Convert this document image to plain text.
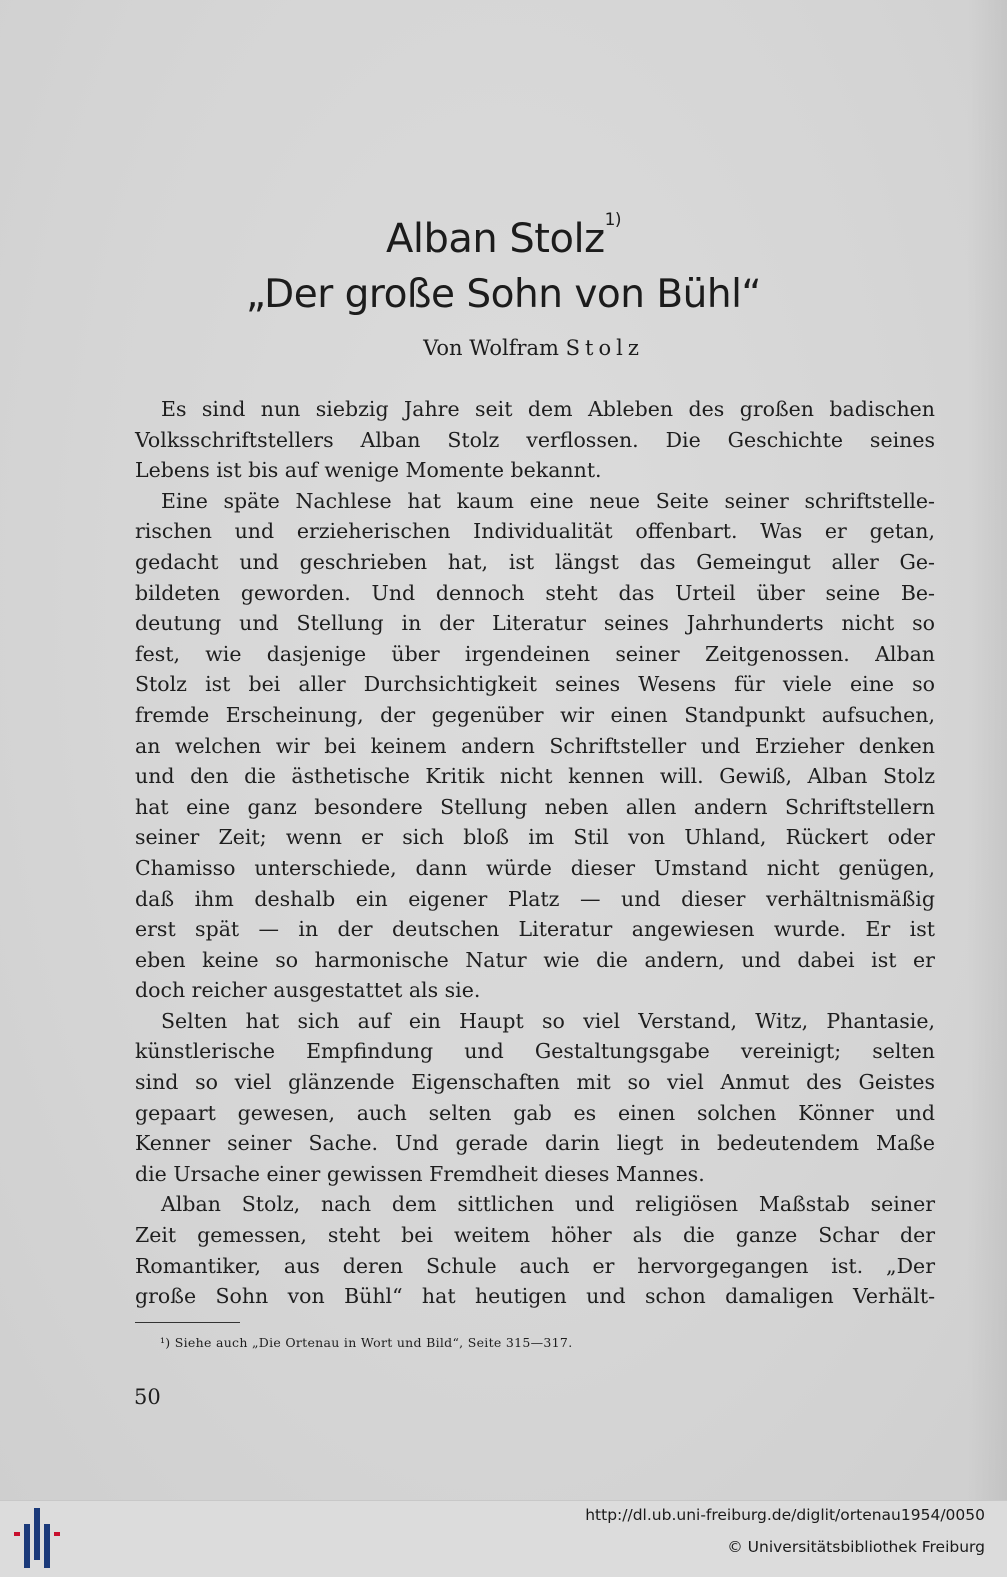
Alban Stolz$^{1)}$
„Der große Sohn von Bühl“
Von Wolfram Stolz
Es sind nun siebzig Jahre seit dem Ableben des großen badischen
Volksschriftstellers Alban Stolz verflossen. Die Geschichte seines
Lebens ist bis auf wenige Momente bekannt.
Eine späte Nachlese hat kaum eine neue Seite seiner schriftstelle-
rischen und erzieherischen Individualität offenbart. Was er getan,
gedacht und geschrieben hat, ist längst das Gemeingut aller Ge-
bildeten geworden. Und dennoch steht das Urteil über seine Be-
deutung und Stellung in der Literatur seines Jahrhunderts nicht so
fest, wie dasjenige über irgendeinen seiner Zeitgenossen. Alban
Stolz ist bei aller Durchsichtigkeit seines Wesens für viele eine so
fremde Erscheinung, der gegenüber wir einen Standpunkt aufsuchen,
an welchen wir bei keinem andern Schriftsteller und Erzieher denken
und den die ästhetische Kritik nicht kennen will. Gewiß, Alban Stolz
hat eine ganz besondere Stellung neben allen andern Schriftstellern
seiner Zeit; wenn er sich bloß im Stil von Uhland, Rückert oder
Chamisso unterschiede, dann würde dieser Umstand nicht genügen,
daß ihm deshalb ein eigener Platz — und dieser verhältnismäßig
erst spät — in der deutschen Literatur angewiesen wurde. Er ist
eben keine so harmonische Natur wie die andern, und dabei ist er
doch reicher ausgestattet als sie.
Selten hat sich auf ein Haupt so viel Verstand, Witz, Phantasie,
künstlerische Empfindung und Gestaltungsgabe vereinigt; selten
sind so viel glänzende Eigenschaften mit so viel Anmut des Geistes
gepaart gewesen, auch selten gab es einen solchen Könner und
Kenner seiner Sache. Und gerade darin liegt in bedeutendem Maße
die Ursache einer gewissen Fremdheit dieses Mannes.
Alban Stolz, nach dem sittlichen und religiösen Maßstab seiner
Zeit gemessen, steht bei weitem höher als die ganze Schar der
Romantiker, aus deren Schule auch er hervorgegangen ist. „Der
große Sohn von Bühl“ hat heutigen und schon damaligen Verhält-
¹) Siehe auch „Die Ortenau in Wort und Bild“, Seite 315—317.
50
http://dl.ub.uni-freiburg.de/diglit/ortenau1954/0050
© Universitätsbibliothek Freiburg
